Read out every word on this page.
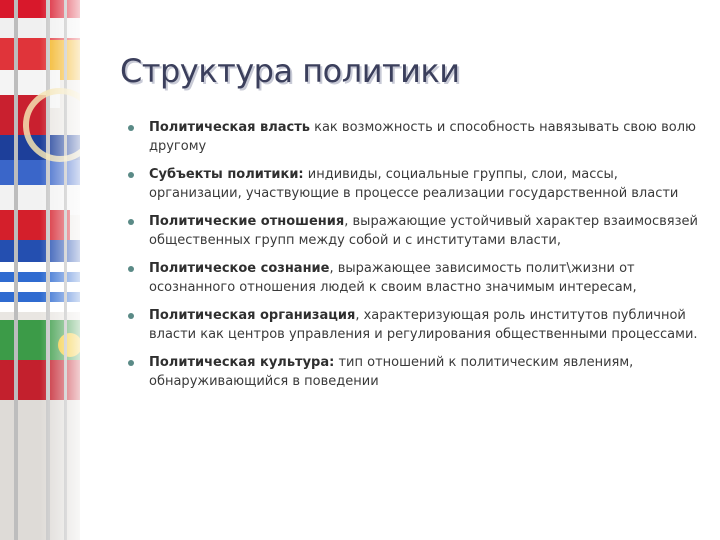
Структура политики
Политическая власть как возможность и способность навязывать свою волю другому
Субъекты политики: индивиды, социальные группы, слои, массы, организации, участвующие в процессе реализации государственной власти
Политические отношения, выражающие устойчивый характер взаимосвязей общественных групп между собой и с институтами власти,
Политическое сознание, выражающее зависимость полит\жизни от осознанного отношения людей к своим властно значимым интересам,
Политическая организация, характеризующая роль институтов публичной власти как центров управления и регулирования общественными процессами.
Политическая культура: тип отношений к политическим явлениям, обнаруживающийся в поведении
